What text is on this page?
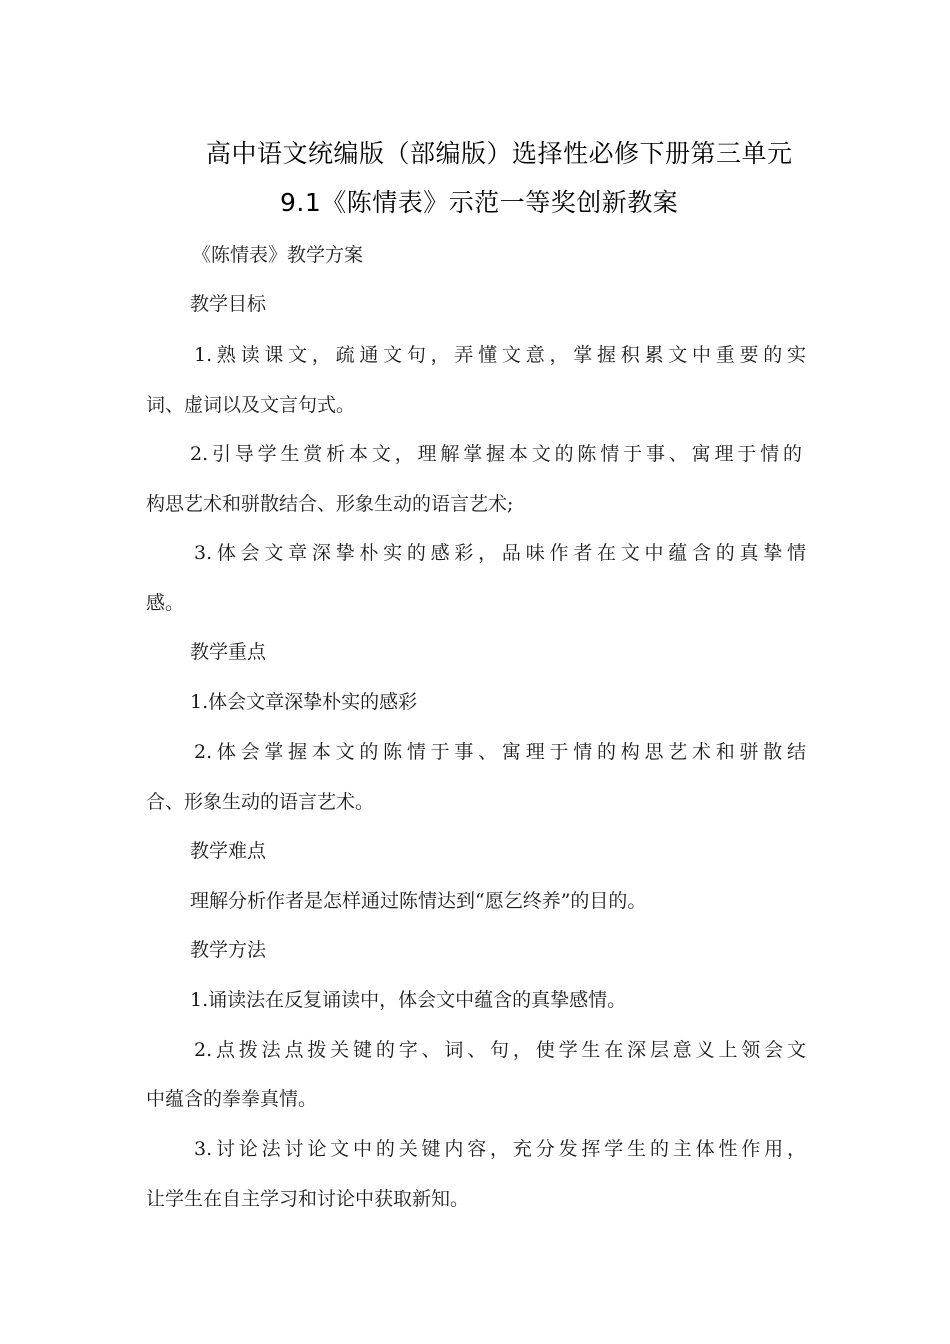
高中语文统编版（部编版）选择性必修下册第三单元
9.1《陈情表》示范一等奖创新教案
《陈情表》教学方案
教学目标
1.熟读课文，疏通文句，弄懂文意，掌握积累文中重要的实
词、虚词以及文言句式。
2.引导学生赏析本文，理解掌握本文的陈情于事、寓理于情的
构思艺术和骈散结合、形象生动的语言艺术;
3.体会文章深挚朴实的感彩，品味作者在文中蕴含的真挚情
感。
教学重点
1.体会文章深挚朴实的感彩
2.体会掌握本文的陈情于事、寓理于情的构思艺术和骈散结
合、形象生动的语言艺术。
教学难点
理解分析作者是怎样通过陈情达到“愿乞终养”的目的。
教学方法
1.诵读法在反复诵读中，体会文中蕴含的真挚感情。
2.点拨法点拨关键的字、词、句，使学生在深层意义上领会文
中蕴含的拳拳真情。
3.讨论法讨论文中的关键内容，充分发挥学生的主体性作用，
让学生在自主学习和讨论中获取新知。
